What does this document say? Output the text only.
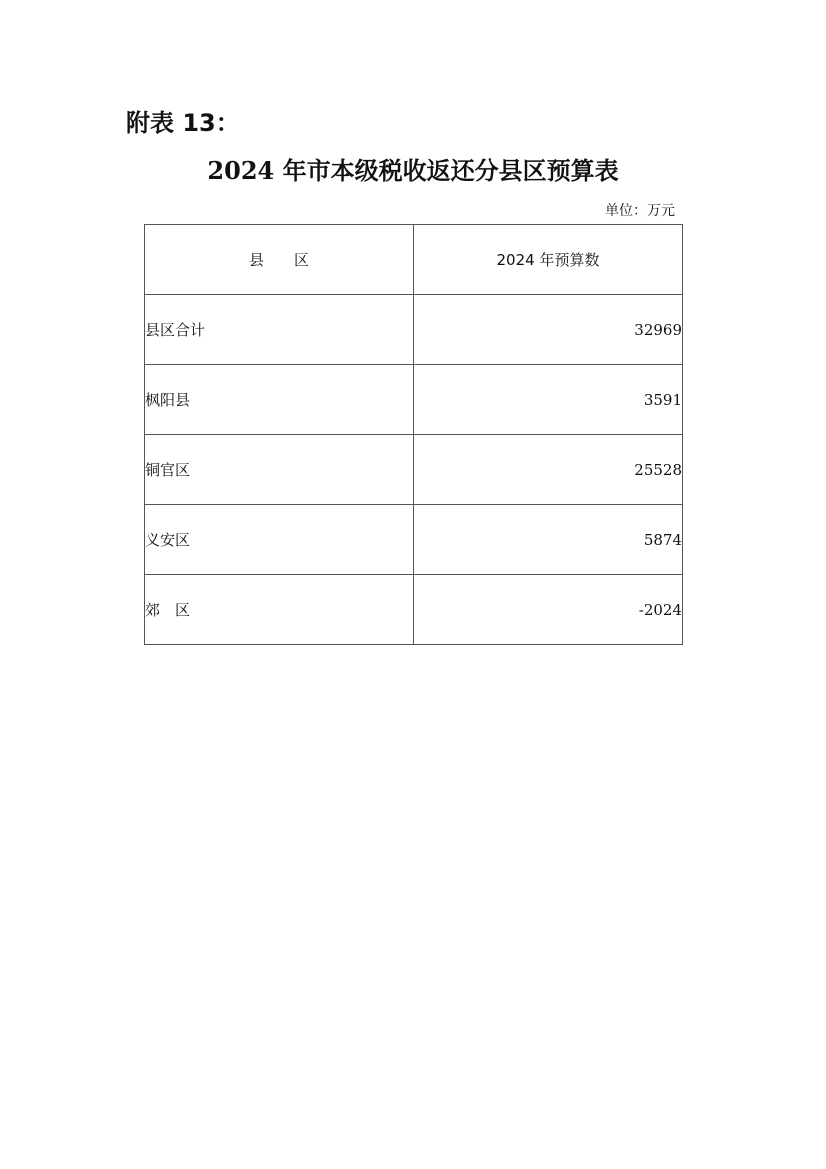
附表 13：
2024 年市本级税收返还分县区预算表
单位：万元
县　　区	2024 年预算数
县区合计	32969
枫阳县	3591
铜官区	25528
义安区	5874
郊　区	-2024
